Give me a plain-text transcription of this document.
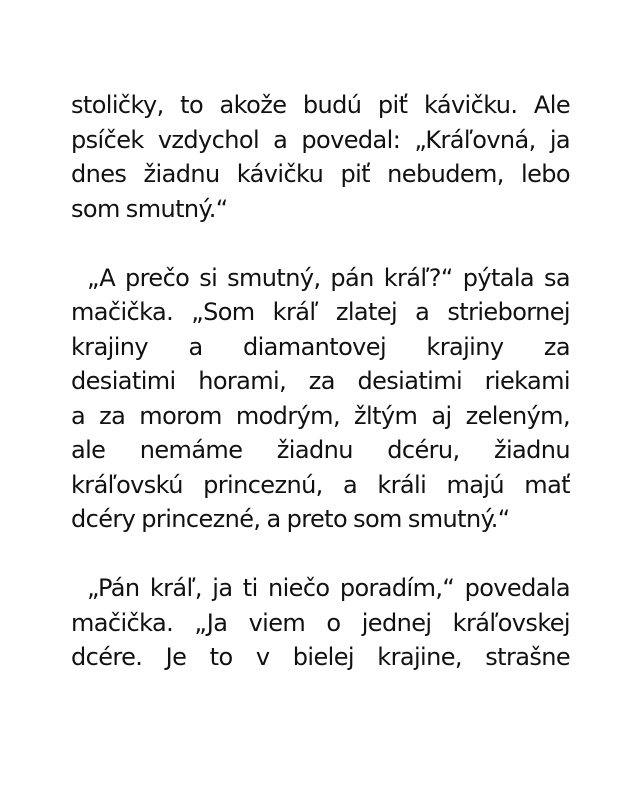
stoličky, to akože budú piť kávičku. Ale
psíček vzdychol a povedal: „Kráľovná, ja
dnes žiadnu kávičku piť nebudem, lebo
som smutný.“
„A prečo si smutný, pán kráľ?“ pýtala sa
mačička. „Som kráľ zlatej a striebornej
krajiny a diamantovej krajiny za
desiatimi horami, za desiatimi riekami
a za morom modrým, žltým aj zeleným,
ale nemáme žiadnu dcéru, žiadnu
kráľovskú princeznú, a králi majú mať
dcéry princezné, a preto som smutný.“
„Pán kráľ, ja ti niečo poradím,“ povedala
mačička. „Ja viem o jednej kráľovskej
dcére. Je to v bielej krajine, strašne
